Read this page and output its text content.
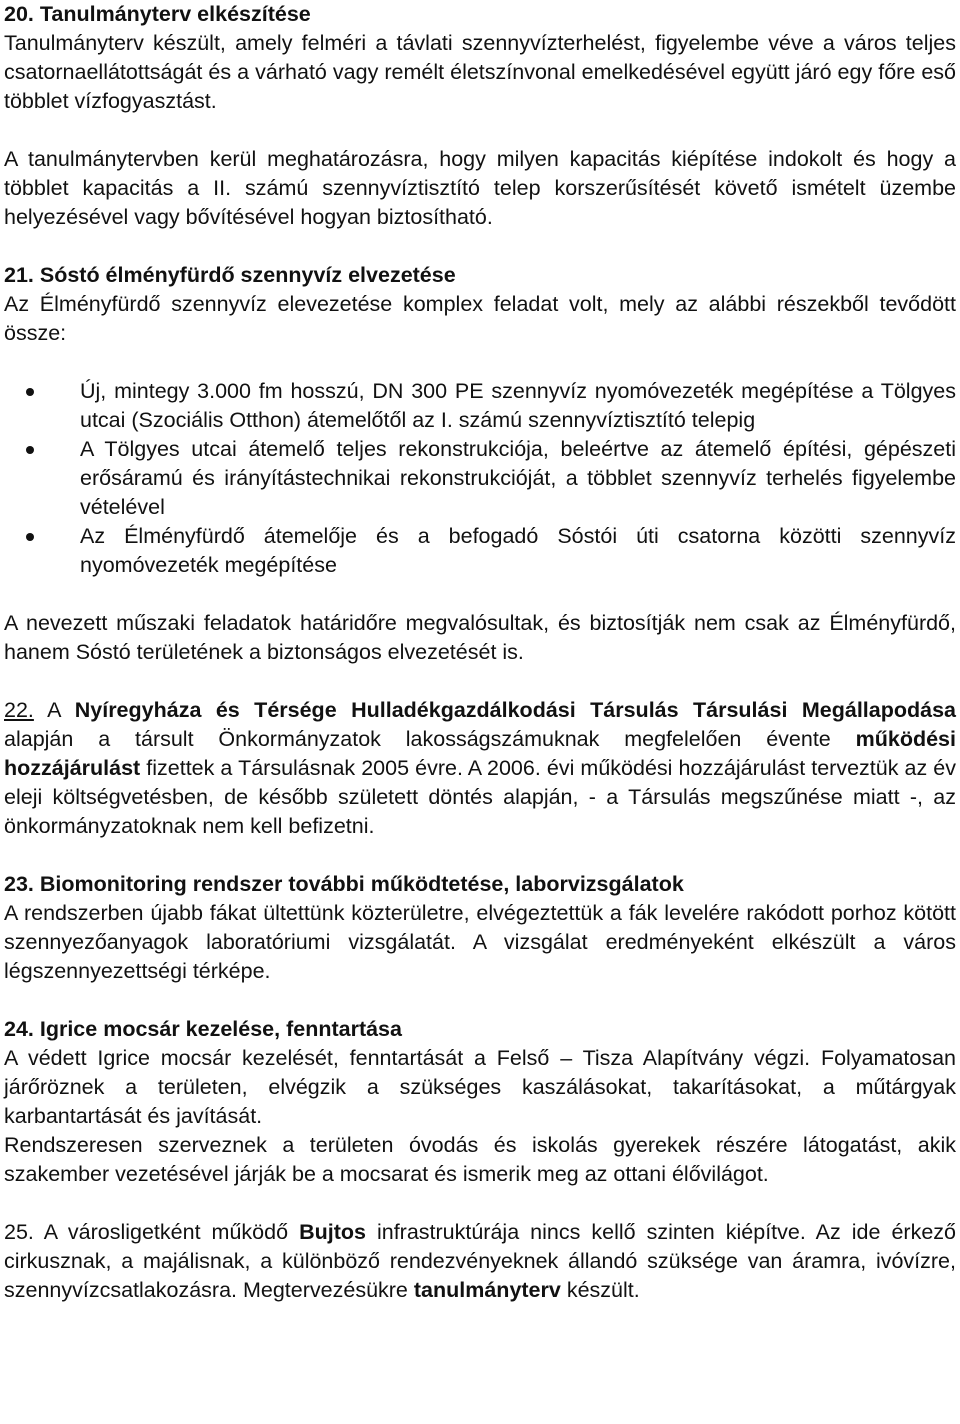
20. Tanulmányterv elkészítése

Tanulmányterv készült, amely felméri a távlati szennyvízterhelést, figyelembe véve a város teljes csatornaellátottságát és a várható vagy remélt életszínvonal emelkedésével együtt járó egy főre eső többlet vízfogyasztást.

A tanulmánytervben kerül meghatározásra, hogy milyen kapacitás kiépítése indokolt és hogy a többlet kapacitás a II. számú szennyvíztisztító telep korszerűsítését követő ismételt üzembe helyezésével vagy bővítésével hogyan biztosítható.

21. Sóstó élményfürdő szennyvíz elvezetése

Az Élményfürdő szennyvíz elevezetése komplex feladat volt, mely az alábbi részekből tevődött össze:

Új, mintegy 3.000 fm hosszú, DN 300 PE szennyvíz nyomóvezeték megépítése a Tölgyes utcai (Szociális Otthon) átemelőtől az I. számú szennyvíztisztító telepig
A Tölgyes utcai átemelő teljes rekonstrukciója, beleértve az átemelő építési, gépészeti erősáramú és irányítástechnikai rekonstrukcióját, a többlet szennyvíz terhelés figyelembe vételével
Az Élményfürdő átemelője és a befogadó Sóstói úti csatorna közötti szennyvíz nyomóvezeték megépítése

A nevezett műszaki feladatok határidőre megvalósultak, és biztosítják nem csak az Élményfürdő, hanem Sóstó területének a biztonságos elvezetését is.

22. A Nyíregyháza és Térsége Hulladékgazdálkodási Társulás Társulási Megállapodása alapján a társult Önkormányzatok lakosságszámuknak megfelelően évente működési hozzájárulást fizettek a Társulásnak 2005 évre. A 2006. évi működési hozzájárulást terveztük az év eleji költségvetésben, de később született döntés alapján, - a Társulás megszűnése miatt -, az önkormányzatoknak nem kell befizetni.

23. Biomonitoring rendszer további működtetése, laborvizsgálatok

A rendszerben újabb fákat ültettünk közterületre, elvégeztettük a fák levelére rakódott porhoz kötött szennyezőanyagok laboratóriumi vizsgálatát. A vizsgálat eredményeként elkészült a város légszennyezettségi térképe.

24. Igrice mocsár kezelése, fenntartása

A védett Igrice mocsár kezelését, fenntartását a Felső – Tisza Alapítvány végzi. Folyamatosan járőröznek a területen, elvégzik a szükséges kaszálásokat, takarításokat, a műtárgyak karbantartását és javítását.

Rendszeresen szerveznek a területen óvodás és iskolás gyerekek részére látogatást, akik szakember vezetésével járják be a mocsarat és ismerik meg az ottani élővilágot.

25. A városligetként működő Bujtos infrastruktúrája nincs kellő szinten kiépítve. Az ide érkező cirkusznak, a majálisnak, a különböző rendezvényeknek állandó szüksége van áramra, ivóvízre, szennyvízcsatlakozásra. Megtervezésükre tanulmányterv készült.
